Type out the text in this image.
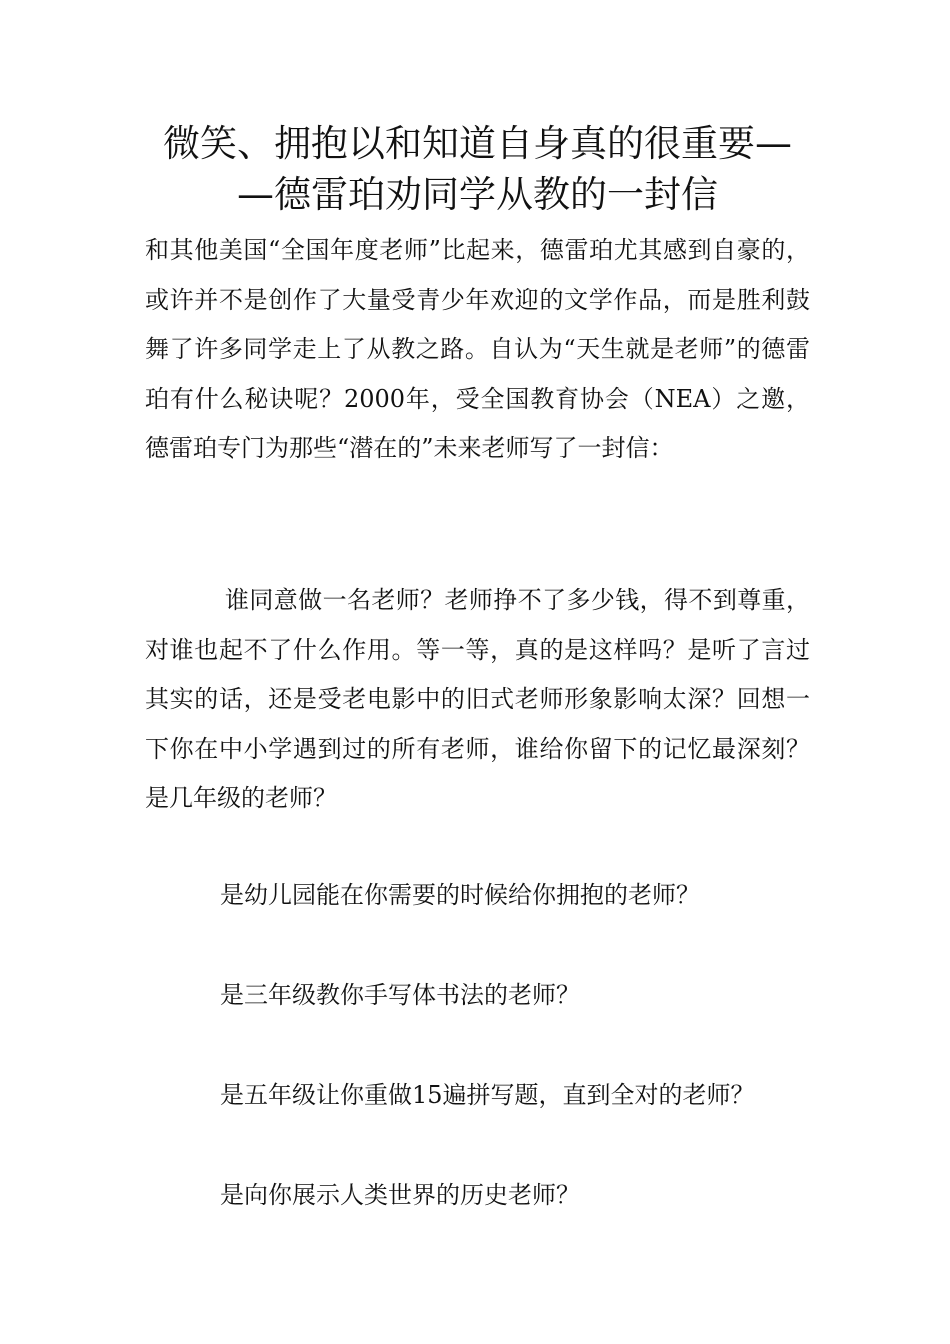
微笑、拥抱以和知道自身真的很重要—
—德雷珀劝同学从教的一封信

和其他美国“全国年度老师”比起来，德雷珀尤其感到自豪的，或许并不是创作了大量受青少年欢迎的文学作品，而是胜利鼓舞了许多同学走上了从教之路。自认为“天生就是老师”的德雷珀有什么秘诀呢？2000年，受全国教育协会（NEA）之邀，德雷珀专门为那些“潜在的”未来老师写了一封信：

谁同意做一名老师？老师挣不了多少钱，得不到尊重，对谁也起不了什么作用。等一等，真的是这样吗？是听了言过其实的话，还是受老电影中的旧式老师形象影响太深？回想一下你在中小学遇到过的所有老师，谁给你留下的记忆最深刻？是几年级的老师？

是幼儿园能在你需要的时候给你拥抱的老师？

是三年级教你手写体书法的老师？

是五年级让你重做15遍拼写题，直到全对的老师？

是向你展示人类世界的历史老师？
